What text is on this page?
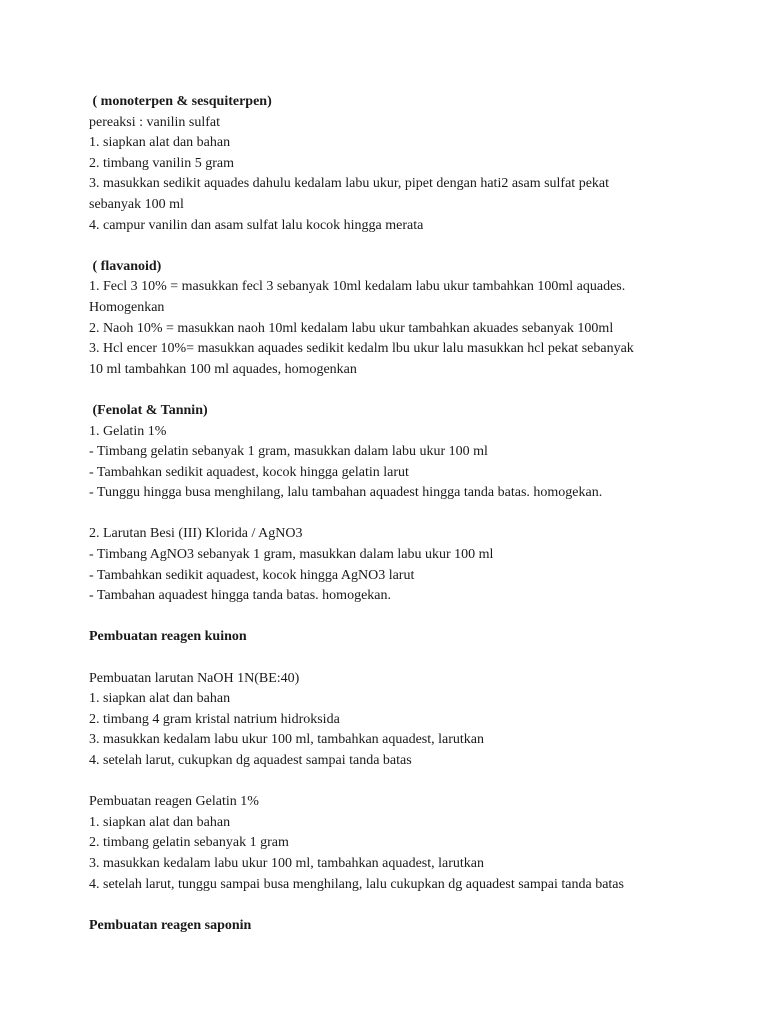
( monoterpen & sesquiterpen)
pereaksi : vanilin sulfat
1. siapkan alat dan bahan
2. timbang vanilin 5 gram
3. masukkan sedikit aquades dahulu kedalam labu ukur, pipet dengan hati2 asam sulfat pekat
sebanyak 100 ml
4. campur vanilin dan asam sulfat lalu kocok hingga merata
( flavanoid)
1. Fecl 3 10% = masukkan fecl 3 sebanyak 10ml kedalam labu ukur tambahkan 100ml aquades.
Homogenkan
2. Naoh 10% = masukkan naoh 10ml kedalam labu ukur tambahkan akuades sebanyak 100ml
3. Hcl encer 10%= masukkan aquades sedikit kedalm lbu ukur lalu masukkan hcl pekat sebanyak
10 ml tambahkan 100 ml aquades, homogenkan
(Fenolat & Tannin)
1. Gelatin 1%
- Timbang gelatin sebanyak 1 gram, masukkan dalam labu ukur 100 ml
- Tambahkan sedikit aquadest, kocok hingga gelatin larut
- Tunggu hingga busa menghilang, lalu tambahan aquadest hingga tanda batas. homogekan.
2. Larutan Besi (III) Klorida / AgNO3
- Timbang AgNO3 sebanyak 1 gram, masukkan dalam labu ukur 100 ml
- Tambahkan sedikit aquadest, kocok hingga AgNO3 larut
- Tambahan aquadest hingga tanda batas. homogekan.
Pembuatan reagen kuinon
Pembuatan larutan NaOH 1N(BE:40)
1. siapkan alat dan bahan
2. timbang 4 gram kristal natrium hidroksida
3. masukkan kedalam labu ukur 100 ml, tambahkan aquadest, larutkan
4. setelah larut, cukupkan dg aquadest sampai tanda batas
Pembuatan reagen Gelatin 1%
1. siapkan alat dan bahan
2. timbang gelatin sebanyak 1 gram
3. masukkan kedalam labu ukur 100 ml, tambahkan aquadest, larutkan
4. setelah larut, tunggu sampai busa menghilang, lalu cukupkan dg aquadest sampai tanda batas
Pembuatan reagen saponin
